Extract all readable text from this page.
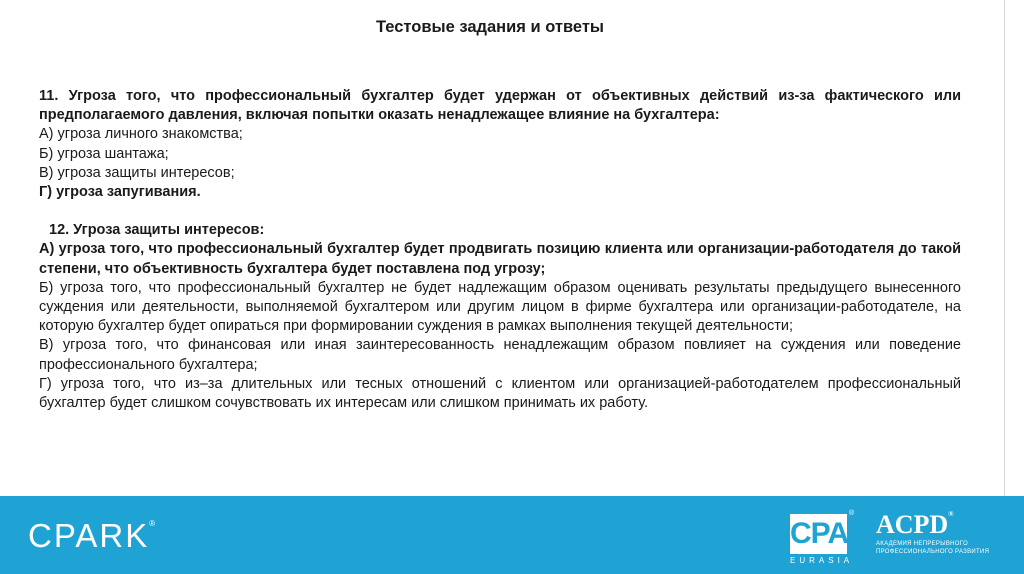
Тестовые задания и ответы

11. Угроза того, что профессиональный бухгалтер будет удержан от объективных действий из-за фактического или предполагаемого давления, включая попытки оказать ненадлежащее влияние на бухгалтера:

А) угроза личного знакомства;

Б) угроза шантажа;

В) угроза защиты интересов;

Г) угроза запугивания.

12. Угроза защиты интересов:

А) угроза того, что профессиональный бухгалтер будет продвигать позицию клиента или организации-работодателя до такой степени, что объективность бухгалтера будет поставлена под угрозу;

Б) угроза того, что профессиональный бухгалтер не будет надлежащим образом оценивать результаты предыдущего вынесенного суждения или деятельности, выполняемой бухгалтером или другим лицом в фирме бухгалтера или организации-работодателе, на которую бухгалтер будет опираться при формировании суждения в рамках выполнения текущей деятельности;

В) угроза того, что финансовая или иная заинтересованность ненадлежащим образом повлияет на суждения или поведение профессионального бухгалтера;

Г) угроза того, что из–за длительных или тесных отношений с клиентом или организацией-работодателем профессиональный бухгалтер будет слишком сочувствовать их интересам или слишком принимать их работу.

CPARK®	CPA
EURASIA
® ACPD®
АКАДЕМИЯ НЕПРЕРЫВНОГО
ПРОФЕССИОНАЛЬНОГО РАЗВИТИЯ
